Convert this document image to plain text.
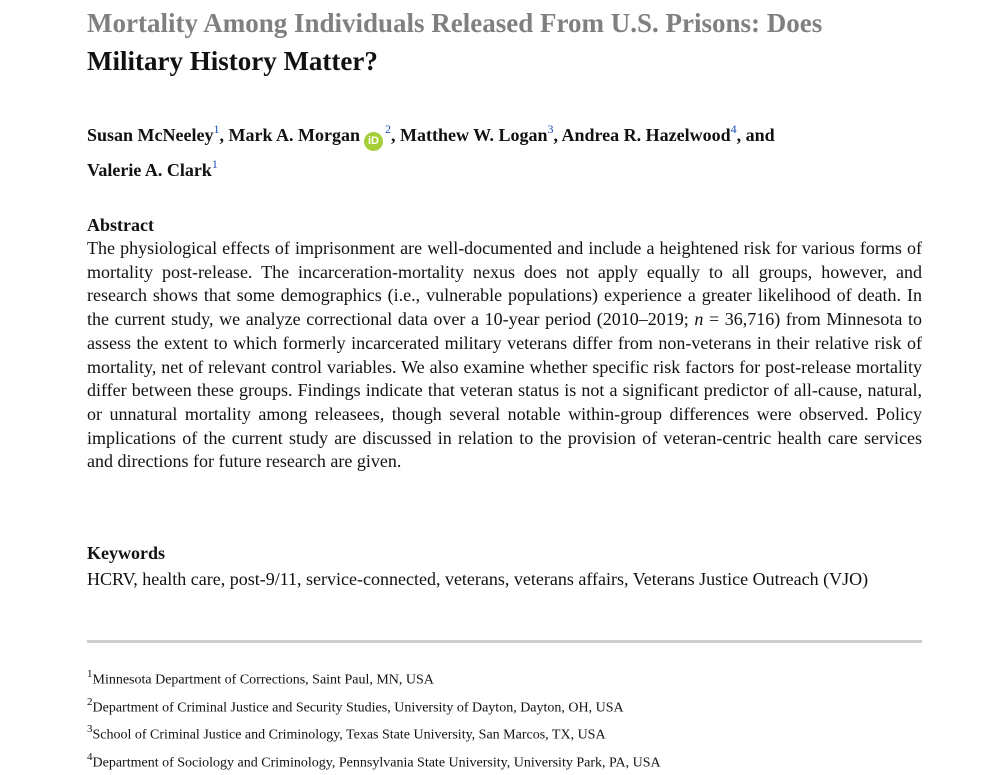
Mortality Among Individuals Released From U.S. Prisons: Does
Military History Matter?
Susan McNeeley$^1$, Mark A. Morgan $iD^2$, Matthew W. Logan$^3$, Andrea R. Hazelwood$^4$, and
Valerie A. Clark$^1$
Abstract
The physiological effects of imprisonment are well-documented and include a heightened risk for various forms of mortality post-release. The incarceration-mortality nexus does not apply equally to all groups, however, and research shows that some demographics (i.e., vulnerable populations) experience a greater likelihood of death. In the current study, we analyze correctional data over a 10-year period (2010–2019; n = 36,716) from Minnesota to assess the extent to which formerly incarcerated military veterans differ from non-veterans in their relative risk of mortality, net of relevant control variables. We also examine whether specific risk factors for post-release mortality differ between these groups. Findings indicate that veteran status is not a significant predictor of all-cause, natural, or unnatural mortality among releasees, though several notable within-group differences were observed. Policy implications of the current study are discussed in relation to the provision of veteran-centric health care services and directions for future research are given.
Keywords
HCRV, health care, post-9/11, service-connected, veterans, veterans affairs, Veterans Justice Outreach (VJO)
$^1$Minnesota Department of Corrections, Saint Paul, MN, USA
$^2$Department of Criminal Justice and Security Studies, University of Dayton, Dayton, OH, USA
$^3$School of Criminal Justice and Criminology, Texas State University, San Marcos, TX, USA
$^4$Department of Sociology and Criminology, Pennsylvania State University, University Park, PA, USA
